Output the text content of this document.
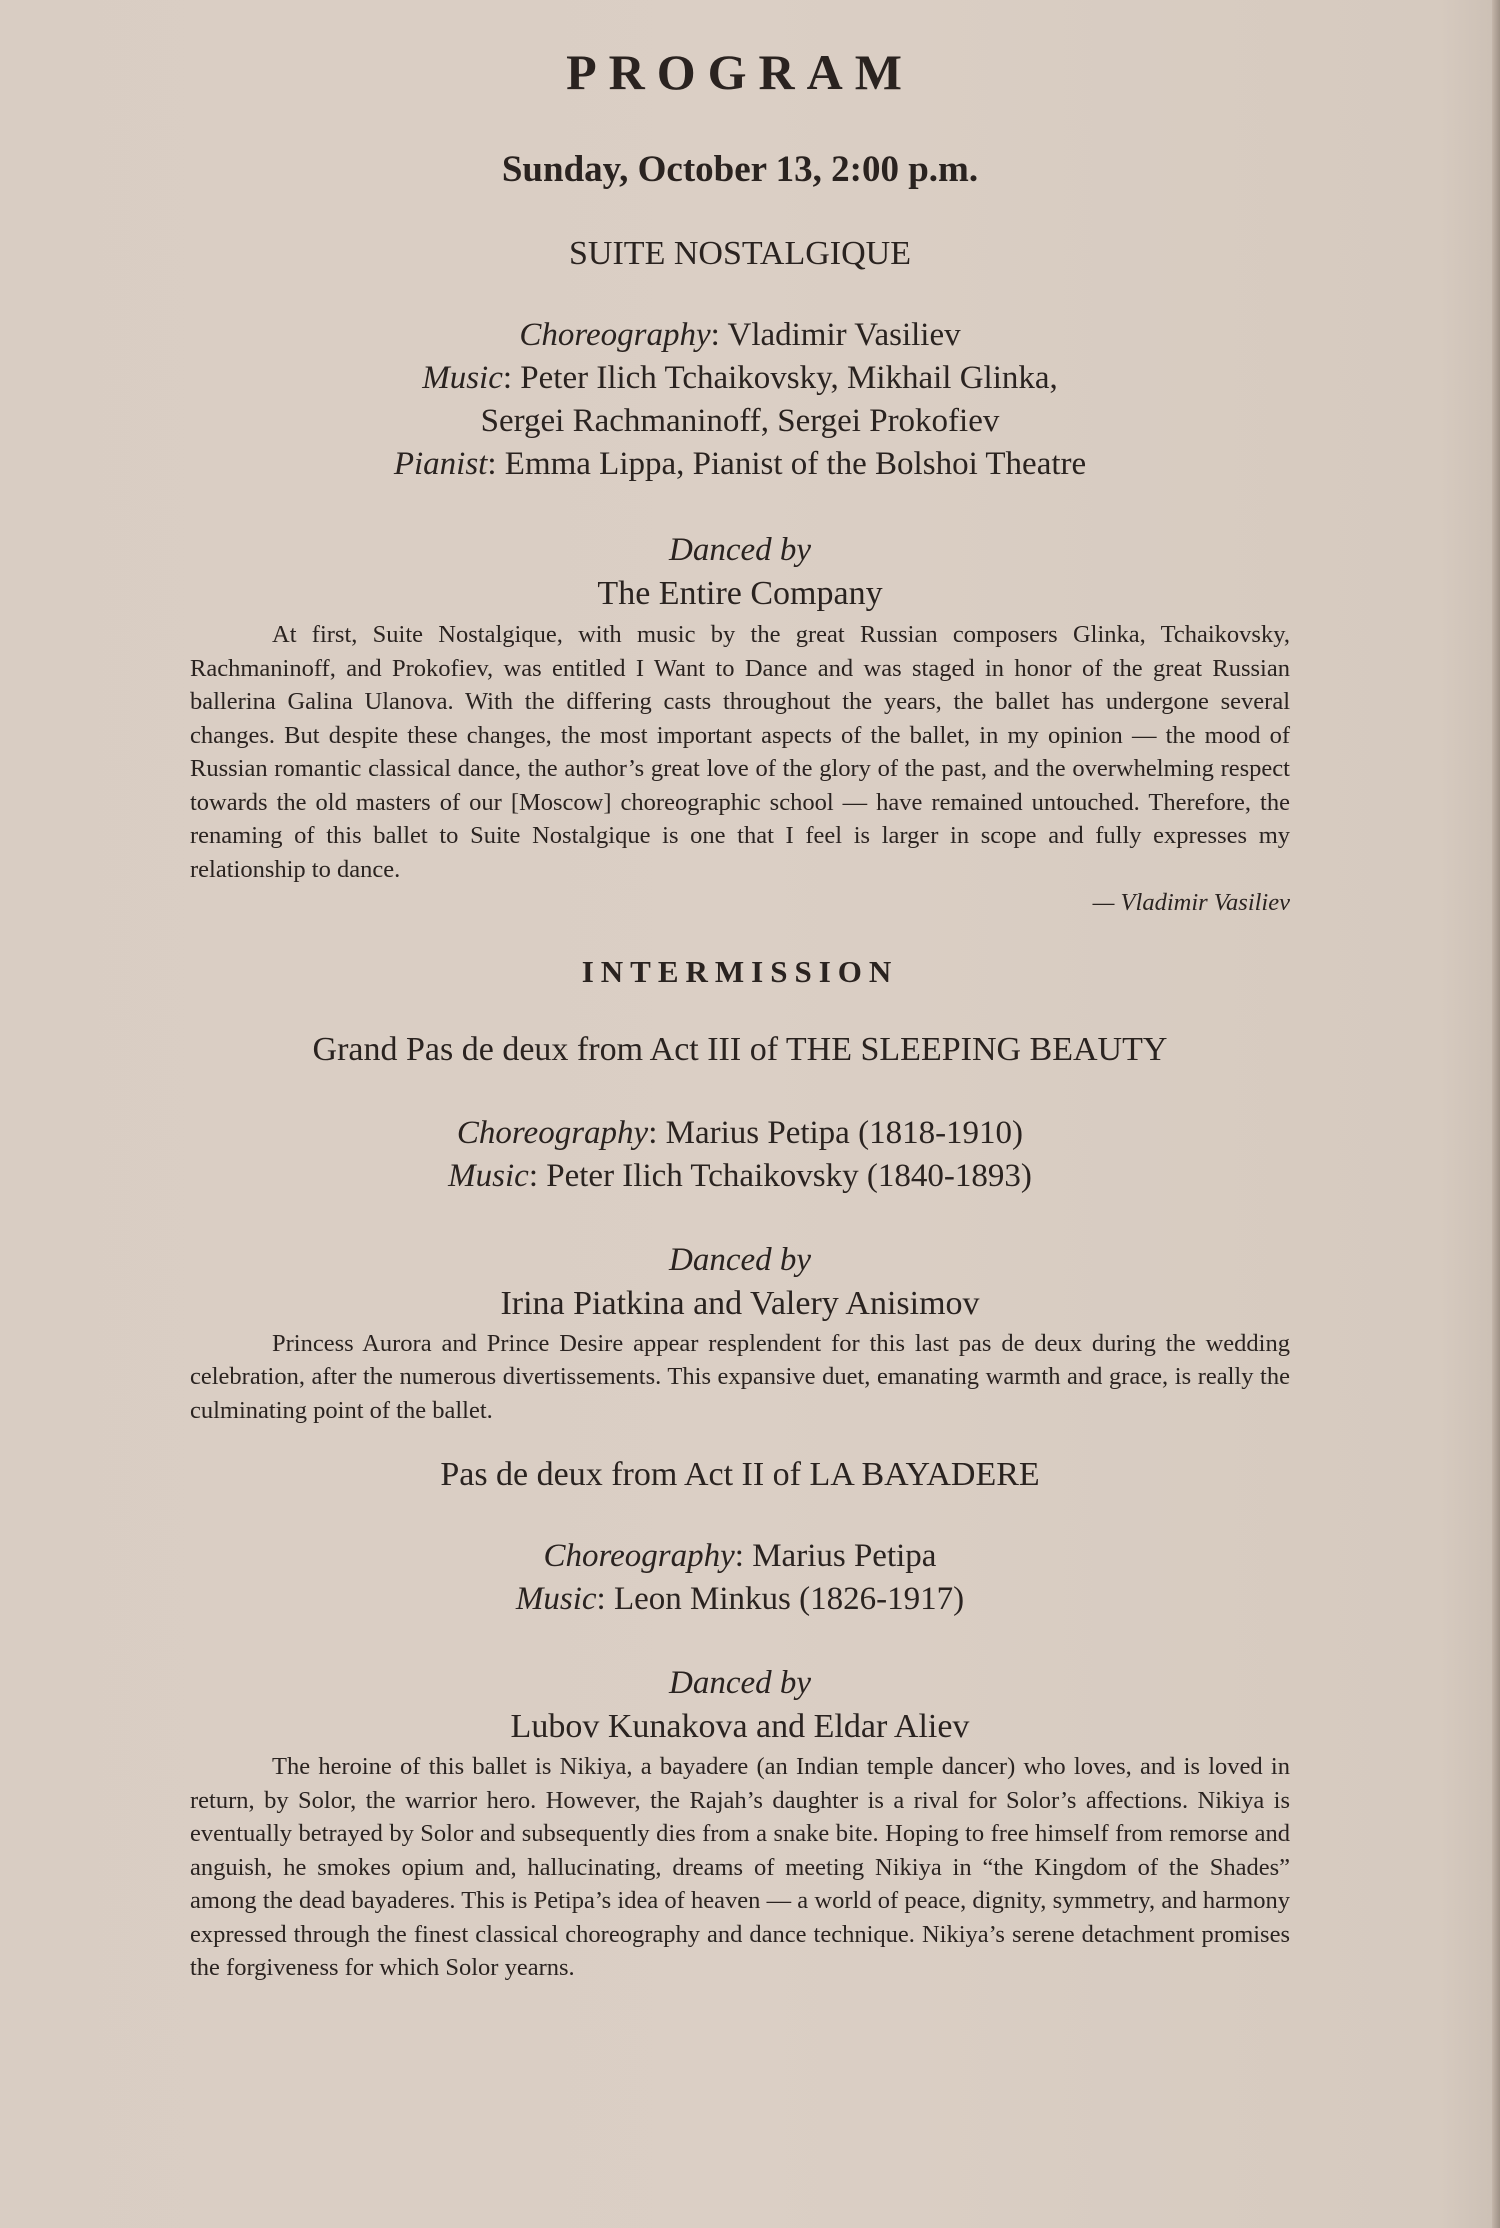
PROGRAM
Sunday, October 13, 2:00 p.m.
SUITE NOSTALGIQUE
Choreography: Vladimir Vasiliev
Music: Peter Ilich Tchaikovsky, Mikhail Glinka,
Sergei Rachmaninoff, Sergei Prokofiev
Pianist: Emma Lippa, Pianist of the Bolshoi Theatre
Danced by
The Entire Company
At first, Suite Nostalgique, with music by the great Russian composers Glinka, Tchaikovsky, Rachmaninoff, and Prokofiev, was entitled I Want to Dance and was staged in honor of the great Russian ballerina Galina Ulanova. With the differing casts throughout the years, the ballet has undergone several changes. But despite these changes, the most important aspects of the ballet, in my opinion — the mood of Russian romantic classical dance, the author’s great love of the glory of the past, and the overwhelming respect towards the old masters of our [Moscow] choreographic school — have remained untouched. Therefore, the renaming of this ballet to Suite Nostalgique is one that I feel is larger in scope and fully expresses my relationship to dance.
— Vladimir Vasiliev
INTERMISSION
Grand Pas de deux from Act III of THE SLEEPING BEAUTY
Choreography: Marius Petipa (1818-1910)
Music: Peter Ilich Tchaikovsky (1840-1893)
Danced by
Irina Piatkina and Valery Anisimov
Princess Aurora and Prince Desire appear resplendent for this last pas de deux during the wedding celebration, after the numerous divertissements. This expansive duet, emanating warmth and grace, is really the culminating point of the ballet.
Pas de deux from Act II of LA BAYADERE
Choreography: Marius Petipa
Music: Leon Minkus (1826-1917)
Danced by
Lubov Kunakova and Eldar Aliev
The heroine of this ballet is Nikiya, a bayadere (an Indian temple dancer) who loves, and is loved in return, by Solor, the warrior hero. However, the Rajah’s daughter is a rival for Solor’s affections. Nikiya is eventually betrayed by Solor and subsequently dies from a snake bite. Hoping to free himself from remorse and anguish, he smokes opium and, hallucinating, dreams of meeting Nikiya in “the Kingdom of the Shades” among the dead bayaderes. This is Petipa’s idea of heaven — a world of peace, dignity, symmetry, and harmony expressed through the finest classical choreography and dance technique. Nikiya’s serene detachment promises the forgiveness for which Solor yearns.
